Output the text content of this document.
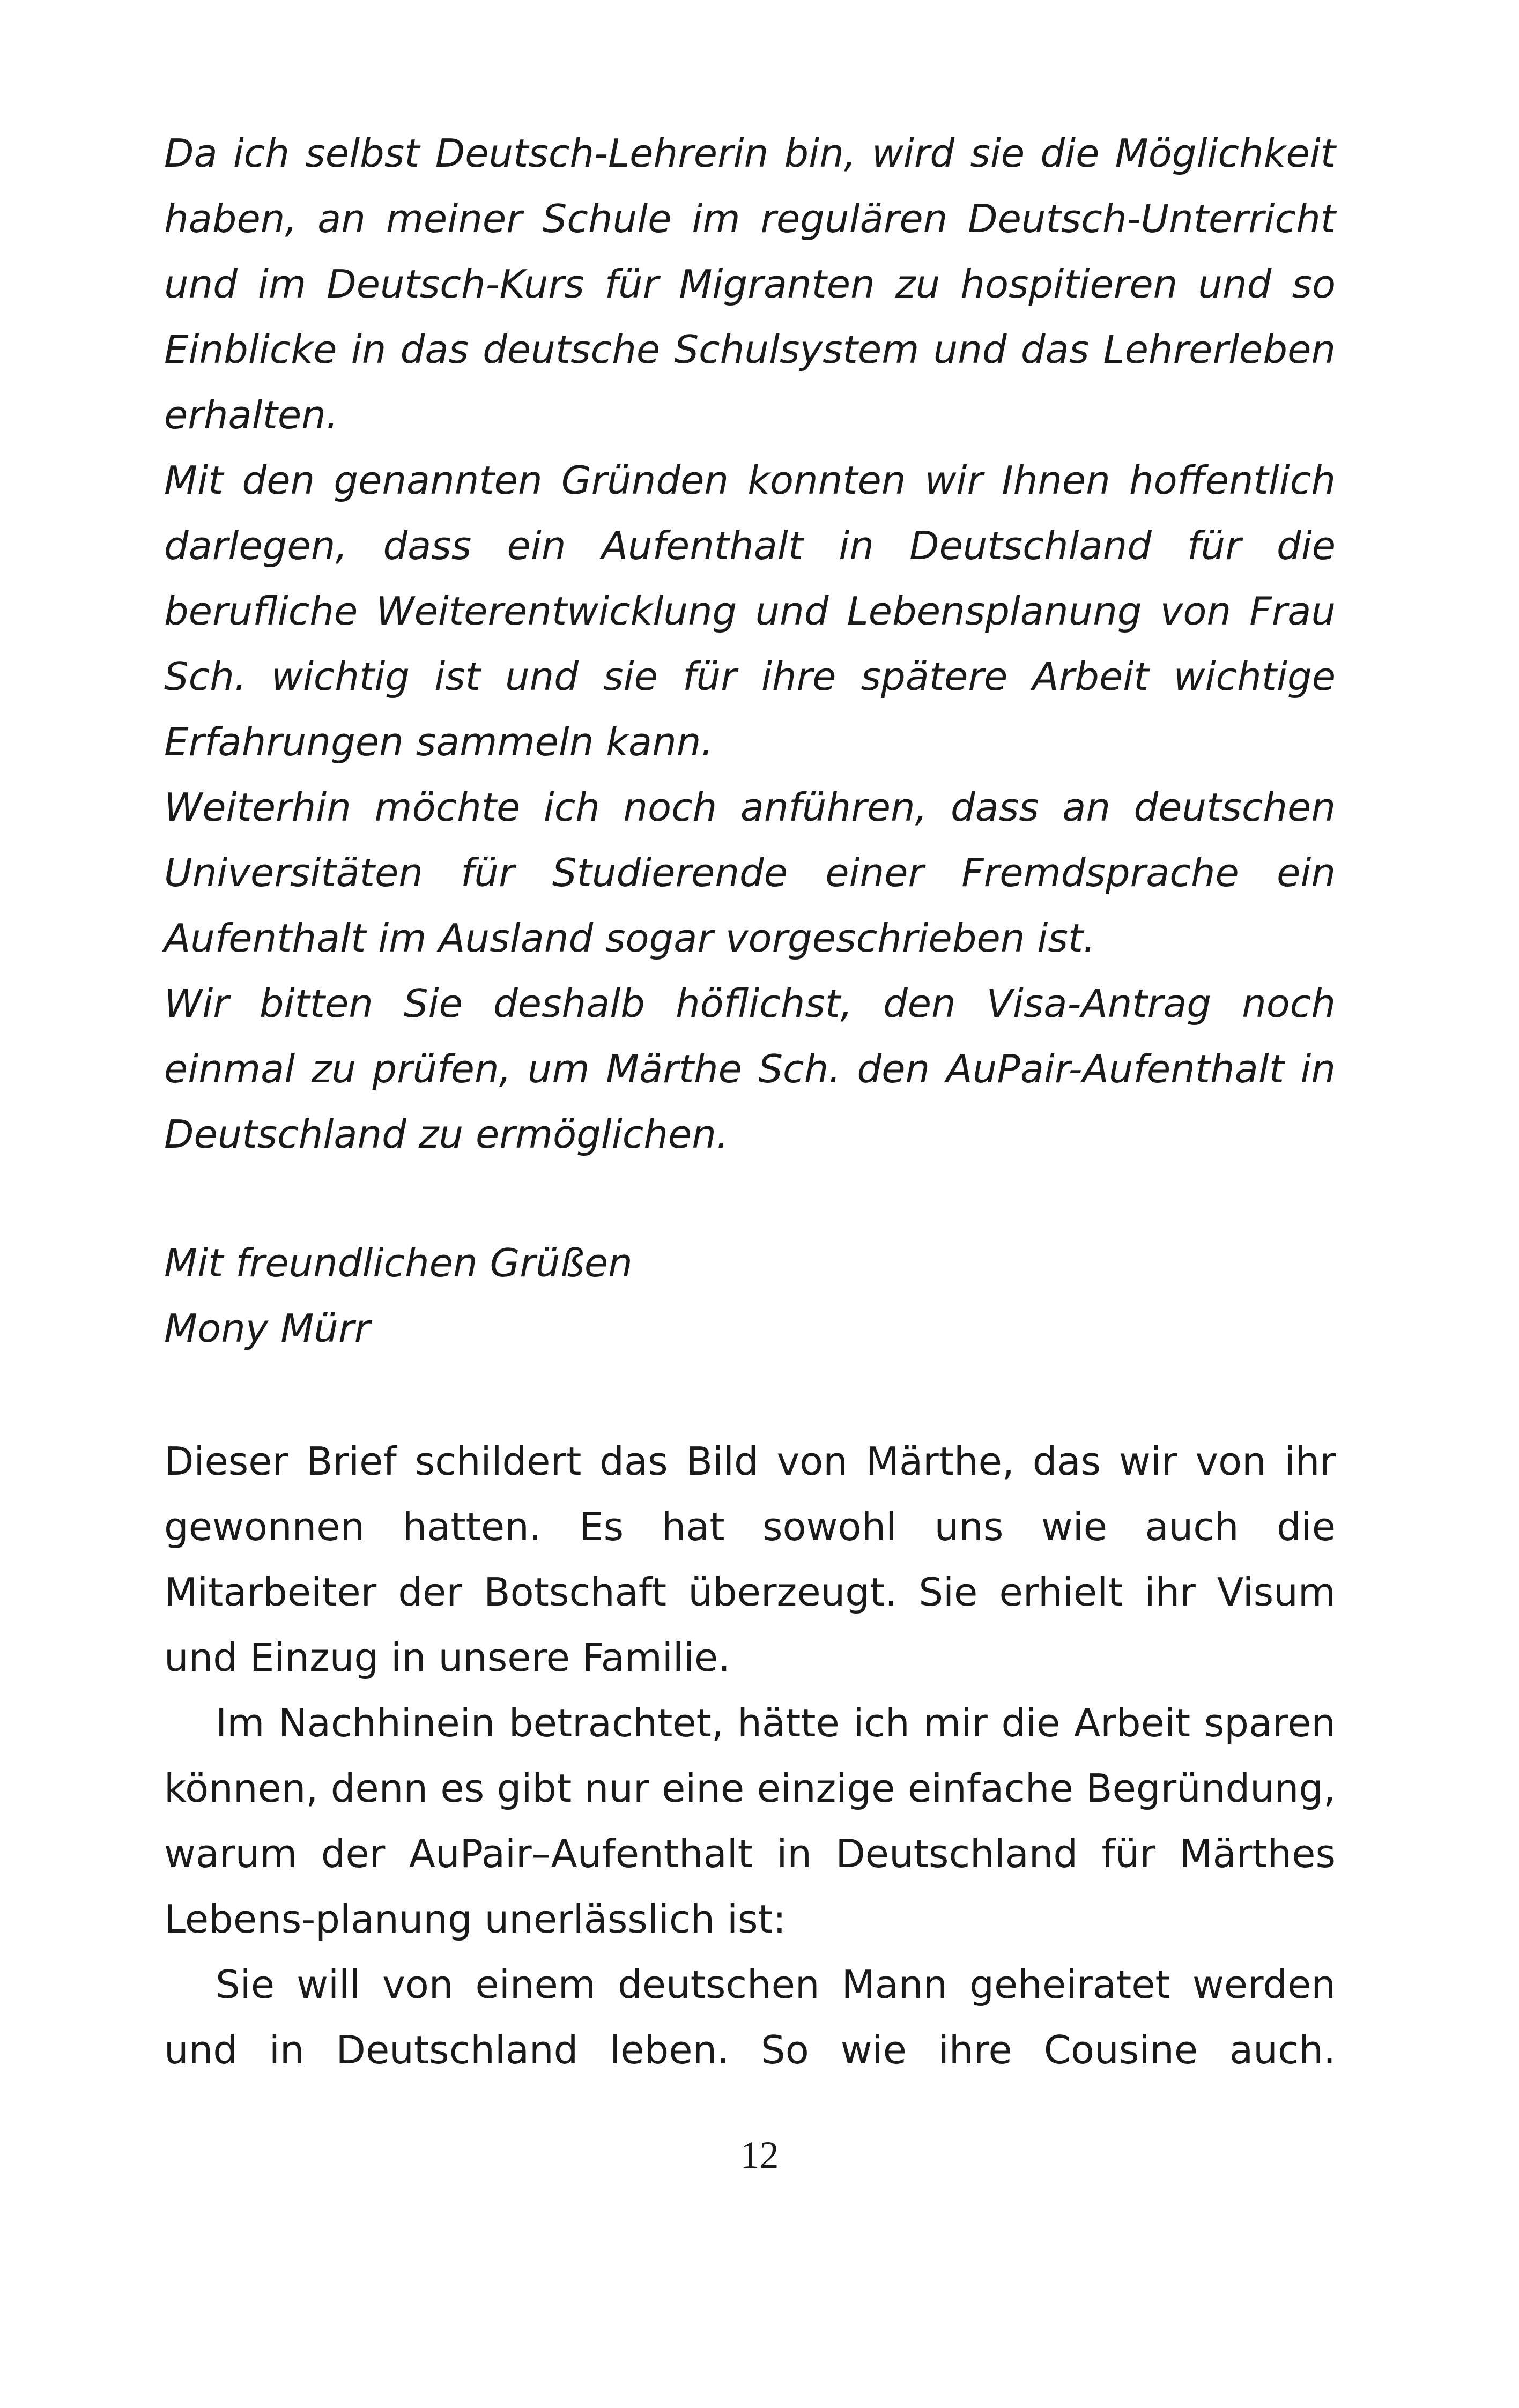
Da ich selbst Deutsch-Lehrerin bin, wird sie die Möglichkeit haben, an meiner Schule im regulären Deutsch-Unterricht und im Deutsch-Kurs für Migranten zu hospitieren und so Einblicke in das deutsche Schulsystem und das Lehrerleben erhalten.

Mit den genannten Gründen konnten wir Ihnen hoffentlich darlegen, dass ein Aufenthalt in Deutschland für die berufliche Weiterentwicklung und Lebensplanung von Frau Sch. wichtig ist und sie für ihre spätere Arbeit wichtige Erfahrungen sammeln kann.

Weiterhin möchte ich noch anführen, dass an deutschen Universitäten für Studierende einer Fremdsprache ein Aufenthalt im Ausland sogar vorgeschrieben ist.

Wir bitten Sie deshalb höflichst, den Visa-Antrag noch einmal zu prüfen, um Märthe Sch. den AuPair-Aufenthalt in Deutschland zu ermöglichen.

Mit freundlichen Grüßen

Mony Mürr

Dieser Brief schildert das Bild von Märthe, das wir von ihr gewonnen hatten. Es hat sowohl uns wie auch die Mitarbeiter der Botschaft überzeugt. Sie erhielt ihr Visum und Einzug in unsere Familie.

Im Nachhinein betrachtet, hätte ich mir die Arbeit sparen können, denn es gibt nur eine einzige einfache Begründung, warum der AuPair–Aufenthalt in Deutschland für Märthes Lebens-planung unerlässlich ist:

Sie will von einem deutschen Mann geheiratet werden und in Deutschland leben. So wie ihre Cousine auch.

12
